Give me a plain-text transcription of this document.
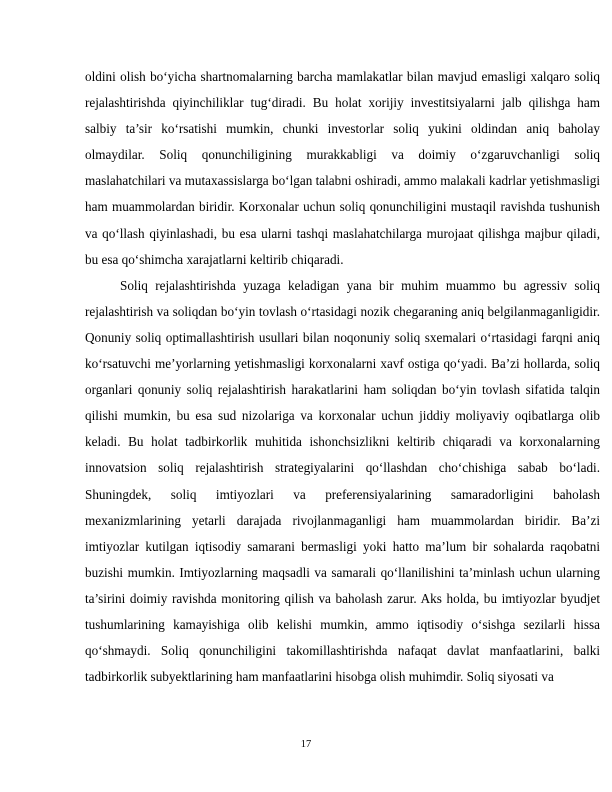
oldini olish bo‘yicha shartnomalarning barcha mamlakatlar bilan mavjud emasligi xalqaro soliq rejalashtirishda qiyinchiliklar tug‘diradi. Bu holat xorijiy investitsiyalarni jalb qilishga ham salbiy ta’sir ko‘rsatishi mumkin, chunki investorlar soliq yukini oldindan aniq baholay olmaydilar. Soliq qonunchiligining murakkabligi va doimiy o‘zgaruvchanligi soliq maslahatchilari va mutaxassislarga bo‘lgan talabni oshiradi, ammo malakali kadrlar yetishmasligi ham muammolardan biridir. Korxonalar uchun soliq qonunchiligini mustaqil ravishda tushunish va qo‘llash qiyinlashadi, bu esa ularni tashqi maslahatchilarga murojaat qilishga majbur qiladi, bu esa qo‘shimcha xarajatlarni keltirib chiqaradi.

Soliq rejalashtirishda yuzaga keladigan yana bir muhim muammo bu agressiv soliq rejalashtirish va soliqdan bo‘yin tovlash o‘rtasidagi nozik chegaraning aniq belgilanmaganligidir. Qonuniy soliq optimallashtirish usullari bilan noqonuniy soliq sxemalari o‘rtasidagi farqni aniq ko‘rsatuvchi me’yorlarning yetishmasligi korxonalarni xavf ostiga qo‘yadi. Ba’zi hollarda, soliq organlari qonuniy soliq rejalashtirish harakatlarini ham soliqdan bo‘yin tovlash sifatida talqin qilishi mumkin, bu esa sud nizolariga va korxonalar uchun jiddiy moliyaviy oqibatlarga olib keladi. Bu holat tadbirkorlik muhitida ishonchsizlikni keltirib chiqaradi va korxonalarning innovatsion soliq rejalashtirish strategiyalarini qo‘llashdan cho‘chishiga sabab bo‘ladi. Shuningdek, soliq imtiyozlari va preferensiyalarining samaradorligini baholash mexanizmlarining yetarli darajada rivojlanmaganligi ham muammolardan biridir. Ba’zi imtiyozlar kutilgan iqtisodiy samarani bermasligi yoki hatto ma’lum bir sohalarda raqobatni buzishi mumkin. Imtiyozlarning maqsadli va samarali qo‘llanilishini ta’minlash uchun ularning ta’sirini doimiy ravishda monitoring qilish va baholash zarur. Aks holda, bu imtiyozlar byudjet tushumlarining kamayishiga olib kelishi mumkin, ammo iqtisodiy o‘sishga sezilarli hissa qo‘shmaydi. Soliq qonunchiligini takomillashtirishda nafaqat davlat manfaatlarini, balki tadbirkorlik subyektlarining ham manfaatlarini hisobga olish muhimdir. Soliq siyosati va

17
